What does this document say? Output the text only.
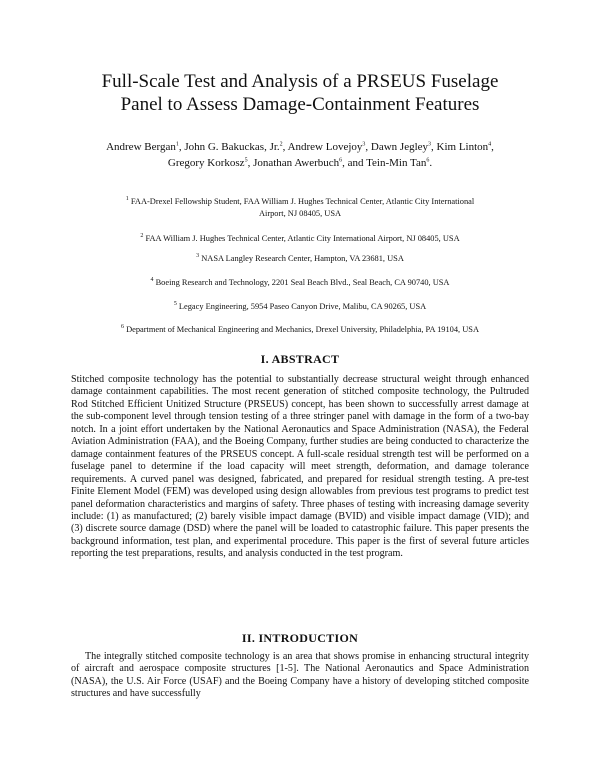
Full-Scale Test and Analysis of a PRSEUS Fuselage
Panel to Assess Damage-Containment Features
Andrew Bergan$^1$, John G. Bakuckas, Jr.$^2$, Andrew Lovejoy$^3$, Dawn Jegley$^3$, Kim Linton$^4$,
Gregory Korkosz$^5$, Jonathan Awerbuch$^6$, and Tein-Min Tan$^6$.
$^1$ FAA-Drexel Fellowship Student, FAA William J. Hughes Technical Center, Atlantic City International
Airport, NJ 08405, USA
$^2$ FAA William J. Hughes Technical Center, Atlantic City International Airport, NJ 08405, USA
$^3$ NASA Langley Research Center, Hampton, VA 23681, USA
$^4$ Boeing Research and Technology, 2201 Seal Beach Blvd., Seal Beach, CA 90740, USA
$^5$ Legacy Engineering, 5954 Paseo Canyon Drive, Malibu, CA 90265, USA
$^6$ Department of Mechanical Engineering and Mechanics, Drexel University, Philadelphia, PA 19104, USA
I. ABSTRACT

Stitched composite technology has the potential to substantially decrease structural weight through enhanced damage containment capabilities. The most recent generation of stitched composite technology, the Pultruded Rod Stitched Efficient Unitized Structure (PRSEUS) concept, has been shown to successfully arrest damage at the sub-component level through tension testing of a three stringer panel with damage in the form of a two-bay notch. In a joint effort undertaken by the National Aeronautics and Space Administration (NASA), the Federal Aviation Administration (FAA), and the Boeing Company, further studies are being conducted to characterize the damage containment features of the PRSEUS concept. A full-scale residual strength test will be performed on a fuselage panel to determine if the load capacity will meet strength, deformation, and damage tolerance requirements. A curved panel was designed, fabricated, and prepared for residual strength testing. A pre-test Finite Element Model (FEM) was developed using design allowables from previous test programs to predict test panel deformation characteristics and margins of safety. Three phases of testing with increasing damage severity include: (1) as manufactured; (2) barely visible impact damage (BVID) and visible impact damage (VID); and (3) discrete source damage (DSD) where the panel will be loaded to catastrophic failure. This paper presents the background information, test plan, and experimental procedure. This paper is the first of several future articles reporting the test preparations, results, and analysis conducted in the test program.

II. INTRODUCTION

The integrally stitched composite technology is an area that shows promise in enhancing structural integrity of aircraft and aerospace composite structures [1-5]. The National Aeronautics and Space Administration (NASA), the U.S. Air Force (USAF) and the Boeing Company have a history of developing stitched composite structures and have successfully
